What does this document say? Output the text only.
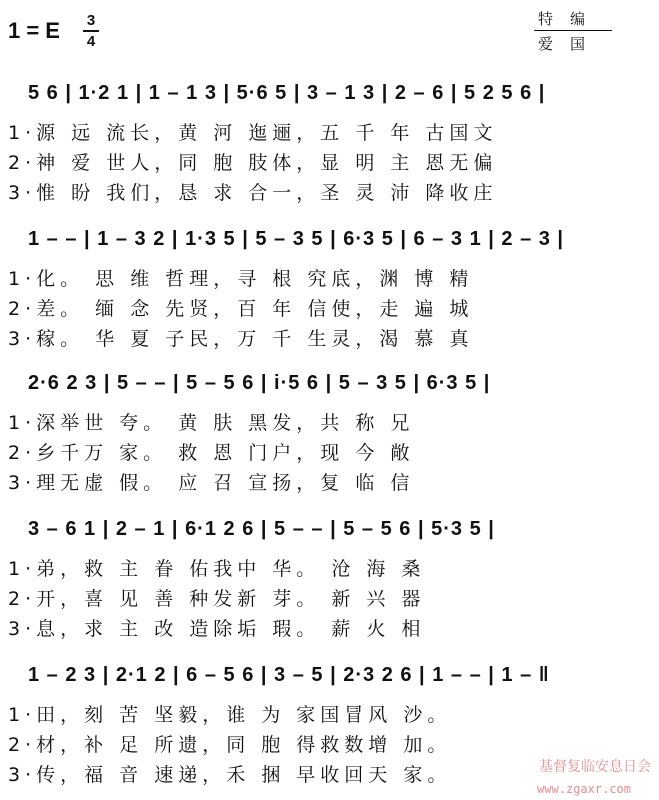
1 = E	3
4
特编
爱国
5 6 | 1·2 1 | 1 – 1 3 | 5·6 5 | 3 – 1 3 | 2 – 6 | 5 2 5 6 |
1·源 远 流长，黄 河 迤逦，五 千 年 古国文
2·神 爱 世人，同 胞 肢体，显 明 主 恩无偏
3·惟 盼 我们，恳 求 合一，圣 灵 沛 降收庄
1 – – | 1 – 3 2 | 1·3 5 | 5 – 3 5 | 6·3 5 | 6 – 3 1 | 2 – 3 |
1·化。 思 维 哲理，寻 根 究底，渊 博 精
2·差。 缅 念 先贤，百 年 信使，走 遍 城
3·稼。 华 夏 子民，万 千 生灵，渴 慕 真
2·6 2 3 | 5 – – | 5 – 5 6 | i·5 6 | 5 – 3 5 | 6·3 5 |
1·深举世 夸。 黄 肤 黑发，共 称 兄
2·乡千万 家。 救 恩 门户，现 今 敞
3·理无虚 假。 应 召 宣扬，复 临 信
3 – 6 1 | 2 – 1 | 6·1 2 6 | 5 – – | 5 – 5 6 | 5·3 5 |
1·弟，救 主 眷 佑我中 华。 沧 海 桑
2·开，喜 见 善 种发新 芽。 新 兴 器
3·息，求 主 改 造除垢 瑕。 薪 火 相
1 – 2 3 | 2·1 2 | 6 – 5 6 | 3 – 5 | 2·3 2 6 | 1 – – | 1 – ‖
1·田，刻 苦 坚毅，谁 为 家国冒风 沙。
2·材，补 足 所遗，同 胞 得救数增 加。
3·传，福 音 速递，禾 捆 早收回天 家。	基督复临安息日会
www.zgaxr.com
